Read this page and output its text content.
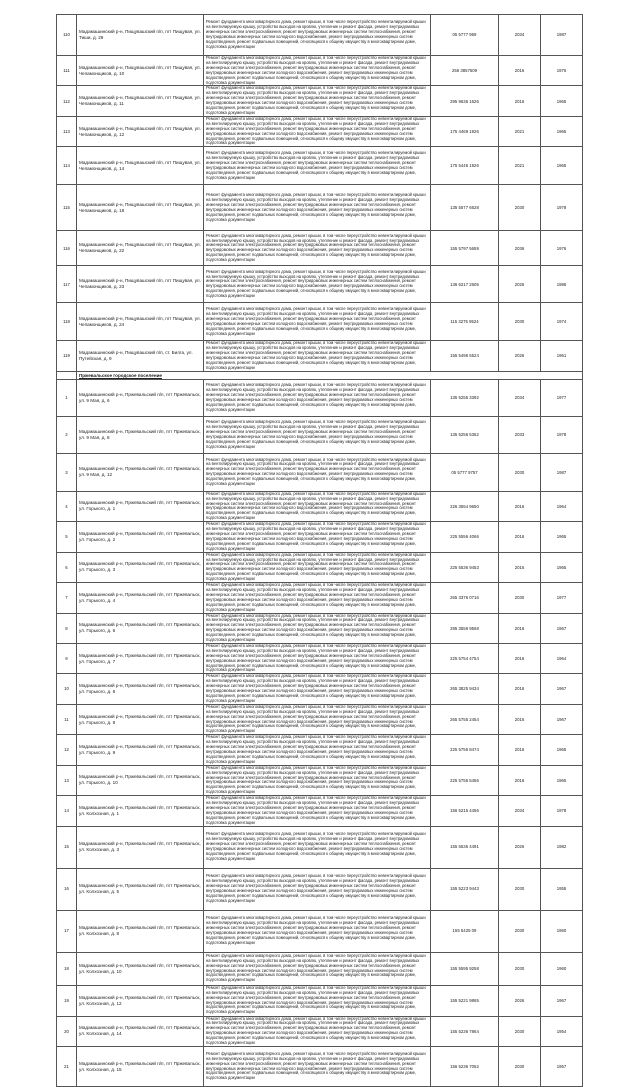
110	Мадамашинский р-н, Пищувашский п/п, пгт Пищувая, ул. Тиши, д. 29	Ремонт фундамента многоквартирного дома, ремонт крыши, в том числе переустройство невентилируемой крыши на вентилируемую крышу, устройство выходов на кровлю, утепление и ремонт фасада, ремонт внутридомовых инженерных систем электроснабжения, ремонт внутридомовых инженерных систем теплоснабжения, ремонт внутридомовых инженерных систем холодного водоснабжения, ремонт внутридомовых инженерных систем водоотведения, ремонт подвальных помещений, относящихся к общему имуществу в многоквартирном доме, подготовка документации	05 5777 959	2034	1987
111	Мадамашинский р-н, Пищувашский п/п, пгт Пищувая, ул. Чепамонщиков, д. 10	Ремонт фундамента многоквартирного дома, ремонт крыши, в том числе переустройство невентилируемой крыши на вентилируемую крышу, устройство выходов на кровлю, утепление и ремонт фасада, ремонт внутридомовых инженерных систем электроснабжения, ремонт внутридомовых инженерных систем теплоснабжения, ремонт внутридомовых инженерных систем холодного водоснабжения, ремонт внутридомовых инженерных систем водоотведения, ремонт подвальных помещений, относящихся к общему имуществу в многоквартирном доме, подготовка документации	256 3857509	2016	1976
112	Мадамашинский р-н, Пищувашский п/п, пгт Пищувая, ул. Чепамонщиков, д. 11	Ремонт фундамента многоквартирного дома, ремонт крыши, в том числе переустройство невентилируемой крыши на вентилируемую крышу, устройство выходов на кровлю, утепление и ремонт фасада, ремонт внутридомовых инженерных систем электроснабжения, ремонт внутридомовых инженерных систем теплоснабжения, ремонт внутридомовых инженерных систем холодного водоснабжения, ремонт внутридомовых инженерных систем водоотведения, ремонт подвальных помещений, относящихся к общему имуществу в многоквартирном доме, подготовка документации	295 9636 1626	2016	1965
113	Мадамашинский р-н, Пищувашский п/п, пгт Пищувая, ул. Чепамонщиков, д. 12	Ремонт фундамента многоквартирного дома, ремонт крыши, в том числе переустройство невентилируемой крыши на вентилируемую крышу, устройство выходов на кровлю, утепление и ремонт фасада, ремонт внутридомовых инженерных систем электроснабжения, ремонт внутридомовых инженерных систем теплоснабжения, ремонт внутридомовых инженерных систем холодного водоснабжения, ремонт внутридомовых инженерных систем водоотведения, ремонт подвальных помещений, относящихся к общему имуществу в многоквартирном доме, подготовка документации	175 4469 1926	2021	1965
114	Мадамашинский р-н, Пищувашский п/п, пгт Пищувая, ул. Чепамонщиков, д. 14	Ремонт фундамента многоквартирного дома, ремонт крыши, в том числе переустройство невентилируемой крыши на вентилируемую крышу, устройство выходов на кровлю, утепление и ремонт фасада, ремонт внутридомовых инженерных систем электроснабжения, ремонт внутридомовых инженерных систем теплоснабжения, ремонт внутридомовых инженерных систем холодного водоснабжения, ремонт внутридомовых инженерных систем водоотведения, ремонт подвальных помещений, относящихся к общему имуществу в многоквартирном доме, подготовка документации	175 5446 1926	2021	1965
115	Мадамашинский р-н, Пищувашский п/п, пгт Пищувая, ул. Чепамонщиков, д. 18	Ремонт фундамента многоквартирного дома, ремонт крыши, в том числе переустройство невентилируемой крыши на вентилируемую крышу, устройство выходов на кровлю, утепление и ремонт фасада, ремонт внутридомовых инженерных систем электроснабжения, ремонт внутридомовых инженерных систем теплоснабжения, ремонт внутридомовых инженерных систем холодного водоснабжения, ремонт внутридомовых инженерных систем водоотведения, ремонт подвальных помещений, относящихся к общему имуществу в многоквартирном доме, подготовка документации	135 5577 6628	2030	1978
116	Мадамашинский р-н, Пищувашский п/п, пгт Пищувая, ул. Чепамонщиков, д. 22	Ремонт фундамента многоквартирного дома, ремонт крыши, в том числе переустройство невентилируемой крыши на вентилируемую крышу, устройство выходов на кровлю, утепление и ремонт фасада, ремонт внутридомовых инженерных систем электроснабжения, ремонт внутридомовых инженерных систем теплоснабжения, ремонт внутридомовых инженерных систем холодного водоснабжения, ремонт внутридомовых инженерных систем водоотведения, ремонт подвальных помещений, относящихся к общему имуществу в многоквартирном доме, подготовка документации	155 5797 5659	2036	1976
117	Мадамашинский р-н, Пищувашский п/п, пгт Пищувая, ул. Чепамонщиков, д. 23	Ремонт фундамента многоквартирного дома, ремонт крыши, в том числе переустройство невентилируемой крыши на вентилируемую крышу, устройство выходов на кровлю, утепление и ремонт фасада, ремонт внутридомовых инженерных систем электроснабжения, ремонт внутридомовых инженерных систем теплоснабжения, ремонт внутридомовых инженерных систем холодного водоснабжения, ремонт внутридомовых инженерных систем водоотведения, ремонт подвальных помещений, относящихся к общему имуществу в многоквартирном доме, подготовка документации	136 6217 2605	2026	1986
118	Мадамашинский р-н, Пищувашский п/п, пгт Пищувая, ул. Чепамонщиков, д. 24	Ремонт фундамента многоквартирного дома, ремонт крыши, в том числе переустройство невентилируемой крыши на вентилируемую крышу, устройство выходов на кровлю, утепление и ремонт фасада, ремонт внутридомовых инженерных систем электроснабжения, ремонт внутридомовых инженерных систем теплоснабжения, ремонт внутридомовых инженерных систем холодного водоснабжения, ремонт внутридомовых инженерных систем водоотведения, ремонт подвальных помещений, относящихся к общему имуществу в многоквартирном доме, подготовка документации	115 3275 9524	2030	1974
119	Мадамашинский р-н, Пищувашский п/п, ст. Билга, ул. Путейская, д. 9	Ремонт фундамента многоквартирного дома, ремонт крыши, в том числе переустройство невентилируемой крыши на вентилируемую крышу, устройство выходов на кровлю, утепление и ремонт фасада, ремонт внутридомовых инженерных систем электроснабжения, ремонт внутридомовых инженерных систем теплоснабжения, ремонт внутридомовых инженерных систем холодного водоснабжения, ремонт внутридомовых инженерных систем водоотведения, ремонт подвальных помещений, относящихся к общему имуществу в многоквартирном доме, подготовка документации	155 5496 5524	2026	1961
	Пржевальское городское поселение				
1	Мадамашинский р-н, Пржевальский п/п, пгт Пржевальск, ул. 9 Мая, д. 6	Ремонт фундамента многоквартирного дома, ремонт крыши, в том числе переустройство невентилируемой крыши на вентилируемую крышу, устройство выходов на кровлю, утепление и ремонт фасада, ремонт внутридомовых инженерных систем электроснабжения, ремонт внутридомовых инженерных систем теплоснабжения, ремонт внутридомовых инженерных систем холодного водоснабжения, ремонт внутридомовых инженерных систем водоотведения, ремонт подвальных помещений, относящихся к общему имуществу в многоквартирном доме, подготовка документации	135 5255 3392	2034	1977
2	Мадамашинский р-н, Пржевальский п/п, пгт Пржевальск, ул. 9 Мая, д. 8	Ремонт фундамента многоквартирного дома, ремонт крыши, в том числе переустройство невентилируемой крыши на вентилируемую крышу, устройство выходов на кровлю, утепление и ремонт фасада, ремонт внутридомовых инженерных систем электроснабжения, ремонт внутридомовых инженерных систем теплоснабжения, ремонт внутридомовых инженерных систем холодного водоснабжения, ремонт внутридомовых инженерных систем водоотведения, ремонт подвальных помещений, относящихся к общему имуществу в многоквартирном доме, подготовка документации	135 5256 5352	2033	1978
3	Мадамашинский р-н, Пржевальский п/п, пгт Пржевальск, ул. 9 Мая, д. 12	Ремонт фундамента многоквартирного дома, ремонт крыши, в том числе переустройство невентилируемой крыши на вентилируемую крышу, устройство выходов на кровлю, утепление и ремонт фасада, ремонт внутридомовых инженерных систем электроснабжения, ремонт внутридомовых инженерных систем теплоснабжения, ремонт внутридомовых инженерных систем холодного водоснабжения, ремонт внутридомовых инженерных систем водоотведения, ремонт подвальных помещений, относящихся к общему имуществу в многоквартирном доме, подготовка документации	05 5777 9757	2030	1987
4	Мадамашинский р-н, Пржевальский п/п, пгт Пржевальск, ул. Горького, д. 1	Ремонт фундамента многоквартирного дома, ремонт крыши, в том числе переустройство невентилируемой крыши на вентилируемую крышу, устройство выходов на кровлю, утепление и ремонт фасада, ремонт внутридомовых инженерных систем электроснабжения, ремонт внутридомовых инженерных систем теплоснабжения, ремонт внутридомовых инженерных систем холодного водоснабжения, ремонт внутридомовых инженерных систем водоотведения, ремонт подвальных помещений, относящихся к общему имуществу в многоквартирном доме, подготовка документации	226 3554 9650	2016	1964
5	Мадамашинский р-н, Пржевальский п/п, пгт Пржевальск, ул. Горького, д. 2	Ремонт фундамента многоквартирного дома, ремонт крыши, в том числе переустройство невентилируемой крыши на вентилируемую крышу, устройство выходов на кровлю, утепление и ремонт фасада, ремонт внутридомовых инженерных систем электроснабжения, ремонт внутридомовых инженерных систем теплоснабжения, ремонт внутридомовых инженерных систем холодного водоснабжения, ремонт внутридомовых инженерных систем водоотведения, ремонт подвальных помещений, относящихся к общему имуществу в многоквартирном доме, подготовка документации	225 5556 4066	2016	1965
6	Мадамашинский р-н, Пржевальский п/п, пгт Пржевальск, ул. Горького, д. 3	Ремонт фундамента многоквартирного дома, ремонт крыши, в том числе переустройство невентилируемой крыши на вентилируемую крышу, устройство выходов на кровлю, утепление и ремонт фасада, ремонт внутридомовых инженерных систем электроснабжения, ремонт внутридомовых инженерных систем теплоснабжения, ремонт внутридомовых инженерных систем холодного водоснабжения, ремонт внутридомовых инженерных систем водоотведения, ремонт подвальных помещений, относящихся к общему имуществу в многоквартирном доме, подготовка документации	225 5536 9453	2016	1965
7	Мадамашинский р-н, Пржевальский п/п, пгт Пржевальск, ул. Горького, д. 4	Ремонт фундамента многоквартирного дома, ремонт крыши, в том числе переустройство невентилируемой крыши на вентилируемую крышу, устройство выходов на кровлю, утепление и ремонт фасада, ремонт внутридомовых инженерных систем электроснабжения, ремонт внутридомовых инженерных систем теплоснабжения, ремонт внутридомовых инженерных систем холодного водоснабжения, ремонт внутридомовых инженерных систем водоотведения, ремонт подвальных помещений, относящихся к общему имуществу в многоквартирном доме, подготовка документации	265 3376 0716	2030	1977
8	Мадамашинский р-н, Пржевальский п/п, пгт Пржевальск, ул. Горького, д. 6	Ремонт фундамента многоквартирного дома, ремонт крыши, в том числе переустройство невентилируемой крыши на вентилируемую крышу, устройство выходов на кровлю, утепление и ремонт фасада, ремонт внутридомовых инженерных систем электроснабжения, ремонт внутридомовых инженерных систем теплоснабжения, ремонт внутридомовых инженерных систем холодного водоснабжения, ремонт внутридомовых инженерных систем водоотведения, ремонт подвальных помещений, относящихся к общему имуществу в многоквартирном доме, подготовка документации	295 3559 9568	2016	1967
9	Мадамашинский р-н, Пржевальский п/п, пгт Пржевальск, ул. Горького, д. 7	Ремонт фундамента многоквартирного дома, ремонт крыши, в том числе переустройство невентилируемой крыши на вентилируемую крышу, устройство выходов на кровлю, утепление и ремонт фасада, ремонт внутридомовых инженерных систем электроснабжения, ремонт внутридомовых инженерных систем теплоснабжения, ремонт внутридомовых инженерных систем холодного водоснабжения, ремонт внутридомовых инженерных систем водоотведения, ремонт подвальных помещений, относящихся к общему имуществу в многоквартирном доме, подготовка документации	225 5754 4754	2016	1964
10	Мадамашинский р-н, Пржевальский п/п, пгт Пржевальск, ул. Горького, д. 8	Ремонт фундамента многоквартирного дома, ремонт крыши, в том числе переустройство невентилируемой крыши на вентилируемую крышу, устройство выходов на кровлю, утепление и ремонт фасада, ремонт внутридомовых инженерных систем электроснабжения, ремонт внутридомовых инженерных систем теплоснабжения, ремонт внутридомовых инженерных систем холодного водоснабжения, ремонт внутридомовых инженерных систем водоотведения, ремонт подвальных помещений, относящихся к общему имуществу в многоквартирном доме, подготовка документации	265 3825 9434	2016	1967
11	Мадамашинский р-н, Пржевальский п/п, пгт Пржевальск, ул. Горького, д. 8	Ремонт фундамента многоквартирного дома, ремонт крыши, в том числе переустройство невентилируемой крыши на вентилируемую крышу, устройство выходов на кровлю, утепление и ремонт фасада, ремонт внутридомовых инженерных систем электроснабжения, ремонт внутридомовых инженерных систем теплоснабжения, ремонт внутридомовых инженерных систем холодного водоснабжения, ремонт внутридомовых инженерных систем водоотведения, ремонт подвальных помещений, относящихся к общему имуществу в многоквартирном доме, подготовка документации	265 5755 2454	2016	1967
12	Мадамашинский р-н, Пржевальский п/п, пгт Пржевальск, ул. Горького, д. 9	Ремонт фундамента многоквартирного дома, ремонт крыши, в том числе переустройство невентилируемой крыши на вентилируемую крышу, устройство выходов на кровлю, утепление и ремонт фасада, ремонт внутридомовых инженерных систем электроснабжения, ремонт внутридомовых инженерных систем теплоснабжения, ремонт внутридомовых инженерных систем холодного водоснабжения, ремонт внутридомовых инженерных систем водоотведения, ремонт подвальных помещений, относящихся к общему имуществу в многоквартирном доме, подготовка документации	225 5755 8474	2016	1965
13	Мадамашинский р-н, Пржевальский п/п, пгт Пржевальск, ул. Горького, д. 10	Ремонт фундамента многоквартирного дома, ремонт крыши, в том числе переустройство невентилируемой крыши на вентилируемую крышу, устройство выходов на кровлю, утепление и ремонт фасада, ремонт внутридомовых инженерных систем электроснабжения, ремонт внутридомовых инженерных систем теплоснабжения, ремонт внутридомовых инженерных систем холодного водоснабжения, ремонт внутридомовых инженерных систем водоотведения, ремонт подвальных помещений, относящихся к общему имуществу в многоквартирном доме, подготовка документации	225 5755 5456	2016	1965
14	Мадамашинский р-н, Пржевальский п/п, пгт Пржевальск, ул. Колхозная, д. 1	Ремонт фундамента многоквартирного дома, ремонт крыши, в том числе переустройство невентилируемой крыши на вентилируемую крышу, устройство выходов на кровлю, утепление и ремонт фасада, ремонт внутридомовых инженерных систем электроснабжения, ремонт внутридомовых инженерных систем теплоснабжения, ремонт внутридомовых инженерных систем холодного водоснабжения, ремонт внутридомовых инженерных систем водоотведения, ремонт подвальных помещений, относящихся к общему имуществу в многоквартирном доме, подготовка документации	156 5215 4456	2034	1978
15	Мадамашинский р-н, Пржевальский п/п, пгт Пржевальск, ул. Колхозная, д. 3	Ремонт фундамента многоквартирного дома, ремонт крыши, в том числе переустройство невентилируемой крыши на вентилируемую крышу, устройство выходов на кровлю, утепление и ремонт фасада, ремонт внутридомовых инженерных систем электроснабжения, ремонт внутридомовых инженерных систем теплоснабжения, ремонт внутридомовых инженерных систем холодного водоснабжения, ремонт внутридомовых инженерных систем водоотведения, ремонт подвальных помещений, относящихся к общему имуществу в многоквартирном доме, подготовка документации	155 5536 4491	2026	1982
16	Мадамашинский р-н, Пржевальский п/п, пгт Пржевальск, ул. Колхозная, д. 5	Ремонт фундамента многоквартирного дома, ремонт крыши, в том числе переустройство невентилируемой крыши на вентилируемую крышу, устройство выходов на кровлю, утепление и ремонт фасада, ремонт внутридомовых инженерных систем электроснабжения, ремонт внутридомовых инженерных систем теплоснабжения, ремонт внутридомовых инженерных систем холодного водоснабжения, ремонт внутридомовых инженерных систем водоотведения, ремонт подвальных помещений, относящихся к общему имуществу в многоквартирном доме, подготовка документации	155 5223 9443	2030	1955
17	Мадамашинский р-н, Пржевальский п/п, пгт Пржевальск, ул. Колхозная, д. 8	Ремонт фундамента многоквартирного дома, ремонт крыши, в том числе переустройство невентилируемой крыши на вентилируемую крышу, устройство выходов на кровлю, утепление и ремонт фасада, ремонт внутридомовых инженерных систем электроснабжения, ремонт внутридомовых инженерных систем теплоснабжения, ремонт внутридомовых инженерных систем холодного водоснабжения, ремонт внутридомовых инженерных систем водоотведения, ремонт подвальных помещений, относящихся к общему имуществу в многоквартирном доме, подготовка документации	155 5425 09	2030	1960
18	Мадамашинский р-н, Пржевальский п/п, пгт Пржевальск, ул. Колхозная, д. 10	Ремонт фундамента многоквартирного дома, ремонт крыши, в том числе переустройство невентилируемой крыши на вентилируемую крышу, устройство выходов на кровлю, утепление и ремонт фасада, ремонт внутридомовых инженерных систем электроснабжения, ремонт внутридомовых инженерных систем теплоснабжения, ремонт внутридомовых инженерных систем холодного водоснабжения, ремонт внутридомовых инженерных систем водоотведения, ремонт подвальных помещений, относящихся к общему имуществу в многоквартирном доме, подготовка документации	155 5595 9258	2030	1960
19	Мадамашинский р-н, Пржевальский п/п, пгт Пржевальск, ул. Колхозная, д. 12	Ремонт фундамента многоквартирного дома, ремонт крыши, в том числе переустройство невентилируемой крыши на вентилируемую крышу, устройство выходов на кровлю, утепление и ремонт фасада, ремонт внутридомовых инженерных систем электроснабжения, ремонт внутридомовых инженерных систем теплоснабжения, ремонт внутридомовых инженерных систем холодного водоснабжения, ремонт внутридомовых инженерных систем водоотведения, ремонт подвальных помещений, относящихся к общему имуществу в многоквартирном доме, подготовка документации	155 5221 9865	2026	1967
20	Мадамашинский р-н, Пржевальский п/п, пгт Пржевальск, ул. Колхозная, д. 14	Ремонт фундамента многоквартирного дома, ремонт крыши, в том числе переустройство невентилируемой крыши на вентилируемую крышу, устройство выходов на кровлю, утепление и ремонт фасада, ремонт внутридомовых инженерных систем электроснабжения, ремонт внутридомовых инженерных систем теплоснабжения, ремонт внутридомовых инженерных систем холодного водоснабжения, ремонт внутридомовых инженерных систем водоотведения, ремонт подвальных помещений, относящихся к общему имуществу в многоквартирном доме, подготовка документации	155 5236 7864	2030	1954
21	Мадамашинский р-н, Пржевальский п/п, пгт Пржевальск, ул. Колхозная, д. 15	Ремонт фундамента многоквартирного дома, ремонт крыши, в том числе переустройство невентилируемой крыши на вентилируемую крышу, устройство выходов на кровлю, утепление и ремонт фасада, ремонт внутридомовых инженерных систем электроснабжения, ремонт внутридомовых инженерных систем теплоснабжения, ремонт внутридомовых инженерных систем холодного водоснабжения, ремонт внутридомовых инженерных систем водоотведения, ремонт подвальных помещений, относящихся к общему имуществу в многоквартирном доме, подготовка документации	156 5236 7052	2030	1957
